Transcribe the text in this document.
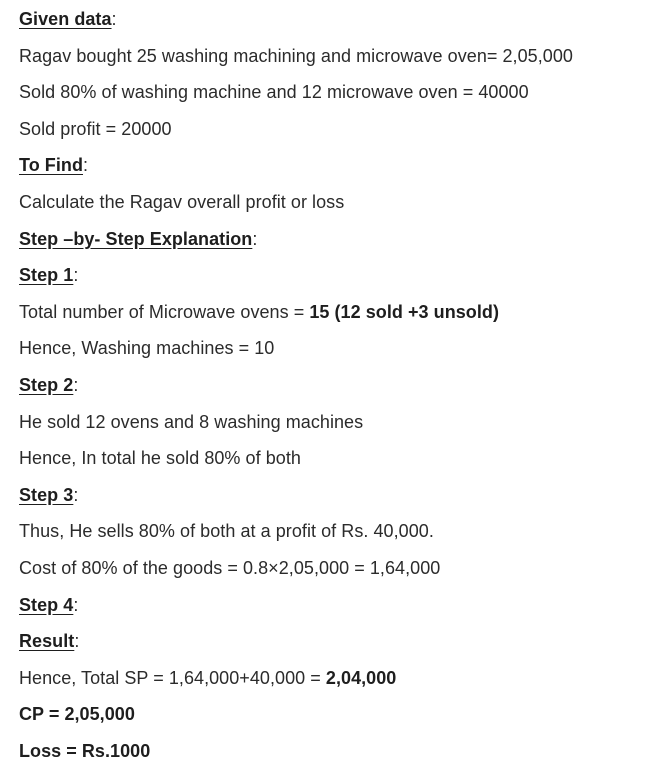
Given data:
Ragav bought 25 washing machining and microwave oven= 2,05,000
Sold 80% of washing machine and 12 microwave oven = 40000
Sold profit = 20000
To Find:
Calculate the Ragav overall profit or loss
Step –by- Step Explanation:
Step 1:
Total number of Microwave ovens = 15 (12 sold +3 unsold)
Hence, Washing machines = 10
Step 2:
He sold 12 ovens and 8 washing machines
Hence, In total he sold 80% of both
Step 3:
Thus, He sells 80% of both at a profit of Rs. 40,000.
Cost of 80% of the goods = 0.8×2,05,000 = 1,64,000
Step 4:
Result:
Hence, Total SP = 1,64,000+40,000 = 2,04,000
CP = 2,05,000
Loss = Rs.1000
